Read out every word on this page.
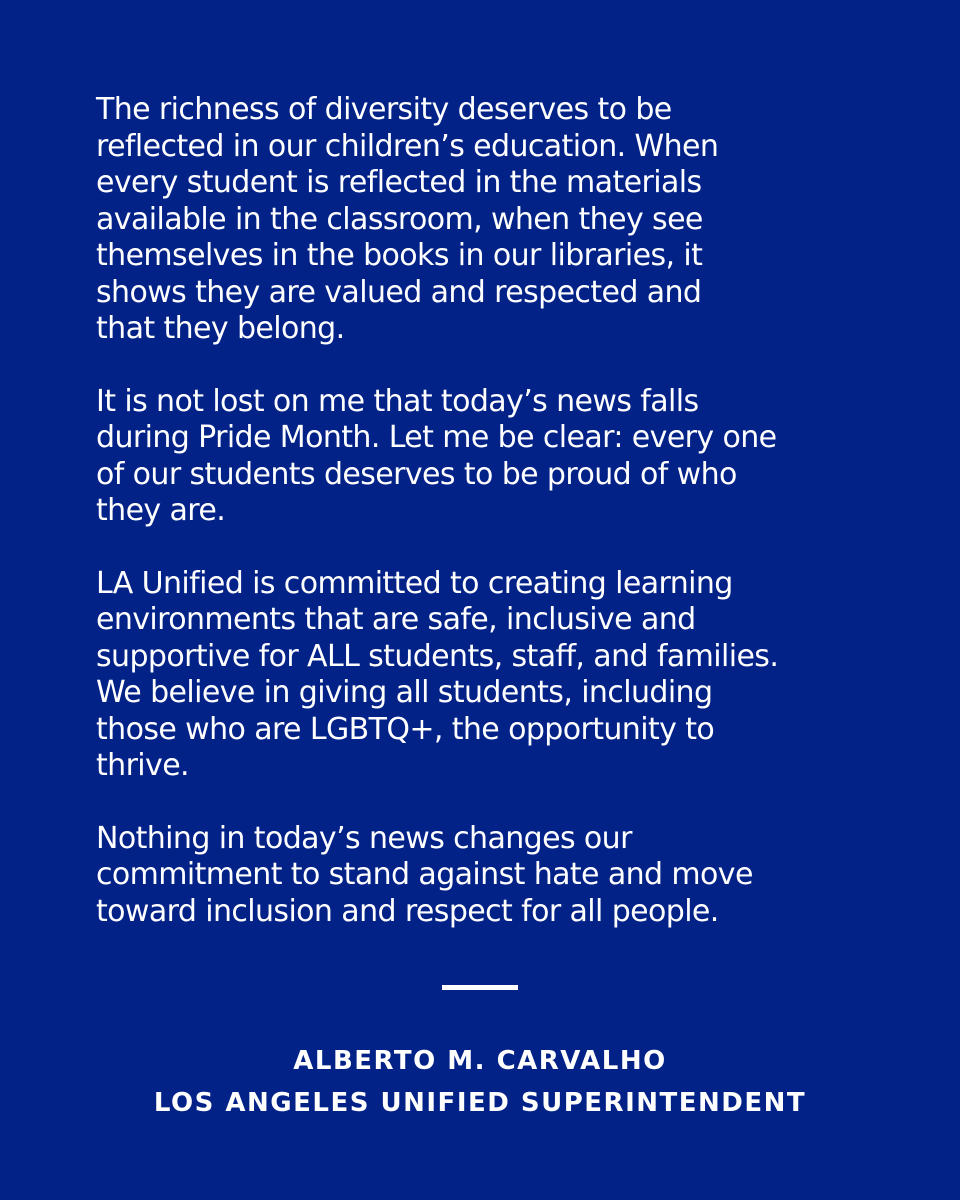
The richness of diversity deserves to be
reflected in our children’s education. When
every student is reflected in the materials
available in the classroom, when they see
themselves in the books in our libraries, it
shows they are valued and respected and
that they belong.

It is not lost on me that today’s news falls
during Pride Month. Let me be clear: every one
of our students deserves to be proud of who
they are.

LA Unified is committed to creating learning
environments that are safe, inclusive and
supportive for ALL students, staff, and families.
We believe in giving all students, including
those who are LGBTQ+, the opportunity to
thrive.

Nothing in today’s news changes our
commitment to stand against hate and move
toward inclusion and respect for all people.

ALBERTO M. CARVALHO
LOS ANGELES UNIFIED SUPERINTENDENT
